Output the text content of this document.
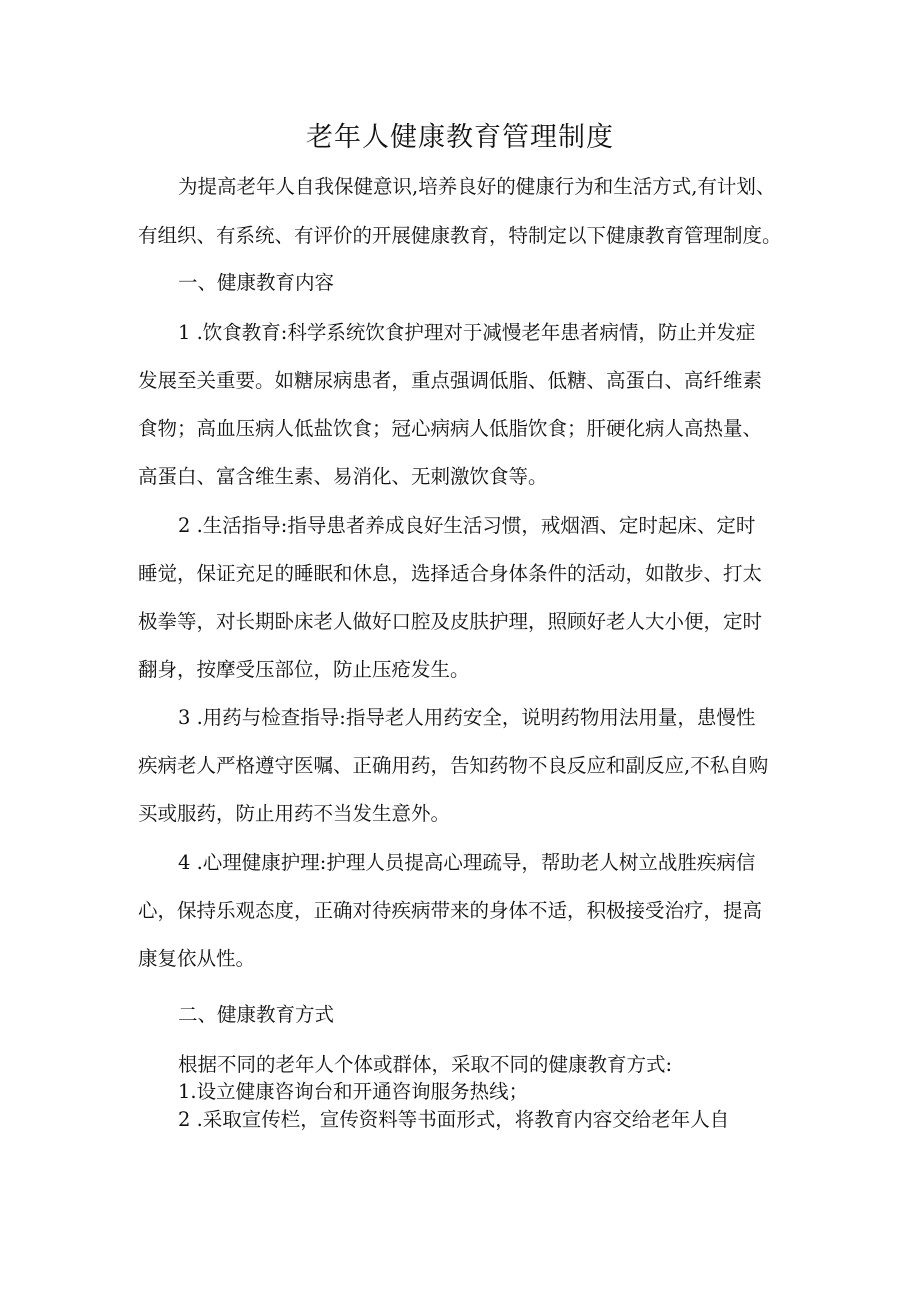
老年人健康教育管理制度

为提高老年人自我保健意识,培养良好的健康行为和生活方式,有计划、

有组织、有系统、有评价的开展健康教育，特制定以下健康教育管理制度。

一、健康教育内容

1 .饮食教育:科学系统饮食护理对于减慢老年患者病情，防止并发症

发展至关重要。如糖尿病患者，重点强调低脂、低糖、高蛋白、高纤维素

食物；高血压病人低盐饮食；冠心病病人低脂饮食；肝硬化病人高热量、

高蛋白、富含维生素、易消化、无刺激饮食等。

2 .生活指导:指导患者养成良好生活习惯，戒烟酒、定时起床、定时

睡觉，保证充足的睡眠和休息，选择适合身体条件的活动，如散步、打太

极拳等，对长期卧床老人做好口腔及皮肤护理，照顾好老人大小便，定时

翻身，按摩受压部位，防止压疮发生。

3 .用药与检查指导:指导老人用药安全，说明药物用法用量，患慢性

疾病老人严格遵守医嘱、正确用药，告知药物不良反应和副反应,不私自购

买或服药，防止用药不当发生意外。

4 .心理健康护理:护理人员提高心理疏导，帮助老人树立战胜疾病信

心，保持乐观态度，正确对待疾病带来的身体不适，积极接受治疗，提高

康复依从性。

二、健康教育方式

根据不同的老年人个体或群体，采取不同的健康教育方式:

1.设立健康咨询台和开通咨询服务热线；

2 .采取宣传栏，宣传资料等书面形式，将教育内容交给老年人自
